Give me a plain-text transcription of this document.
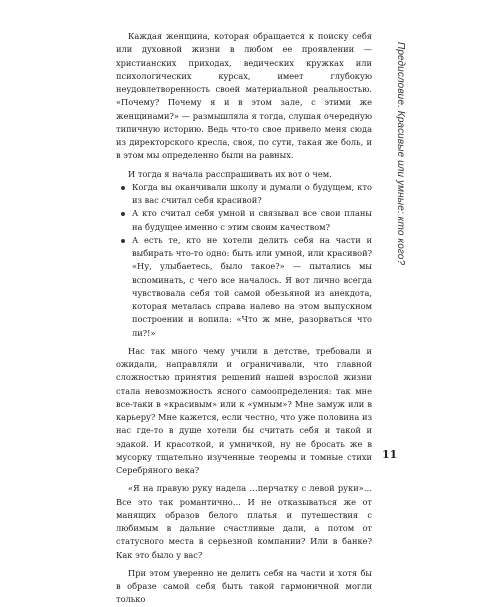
Каждая женщина, которая обращается к поиску себя или духовной жизни в любом ее проявлении — христианских приходах, ведических кружках или психологических курсах, имеет глубокую неудовлетворенность своей материальной реальностью. «Почему? Почему я и в этом зале, с этими же женщинами?» — размышляла я тогда, слушая очередную типичную историю. Ведь что-то свое привело меня сюда из директорского кресла, своя, по сути, такая же боль, и в этом мы определенно были на равных.

И тогда я начала расспрашивать их вот о чем.

Когда вы оканчивали школу и думали о будущем, кто из вас считал себя красивой?
А кто считал себя умной и связывал все свои планы на будущее именно с этим своим качеством?
А есть те, кто не хотели делить себя на части и выбирать что-то одно: быть или умной, или красивой? «Ну, улыбаетесь, было такое?» — пытались мы вспоминать, с чего все началось. Я вот лично всегда чувствовала себя той самой обезьяной из анекдота, которая металась справа налево на этом выпускном построении и вопила: «Что ж мне, разорваться что ли?!»

Нас так много чему учили в детстве, требовали и ожидали, направляли и ограничивали, что главной сложностью принятия решений нашей взрослой жизни стала невозможность ясного самоопределения: так мне все-таки в «красивым» или к «умным»? Мне замуж или в карьеру? Мне кажется, если честно, что уже половина из нас где-то в душе хотели бы считать себя и такой и эдакой. И красоткой, и умничкой, ну не бросать же в мусорку тщательно изученные теоремы и томные стихи Серебряного века?

«Я на правую руку надела …перчатку с левой руки»… Все это так романтично… И не отказываться же от манящих образов белого платья и путешествия с любимым в дальние счастливые дали, а потом от статусного места в серьезной компании? Или в банке? Как это было у вас?

При этом уверенно не делить себя на части и хотя бы в образе самой себя быть такой гармоничной могли только

Предисловие. Красивые или умные: кто кого?
11
